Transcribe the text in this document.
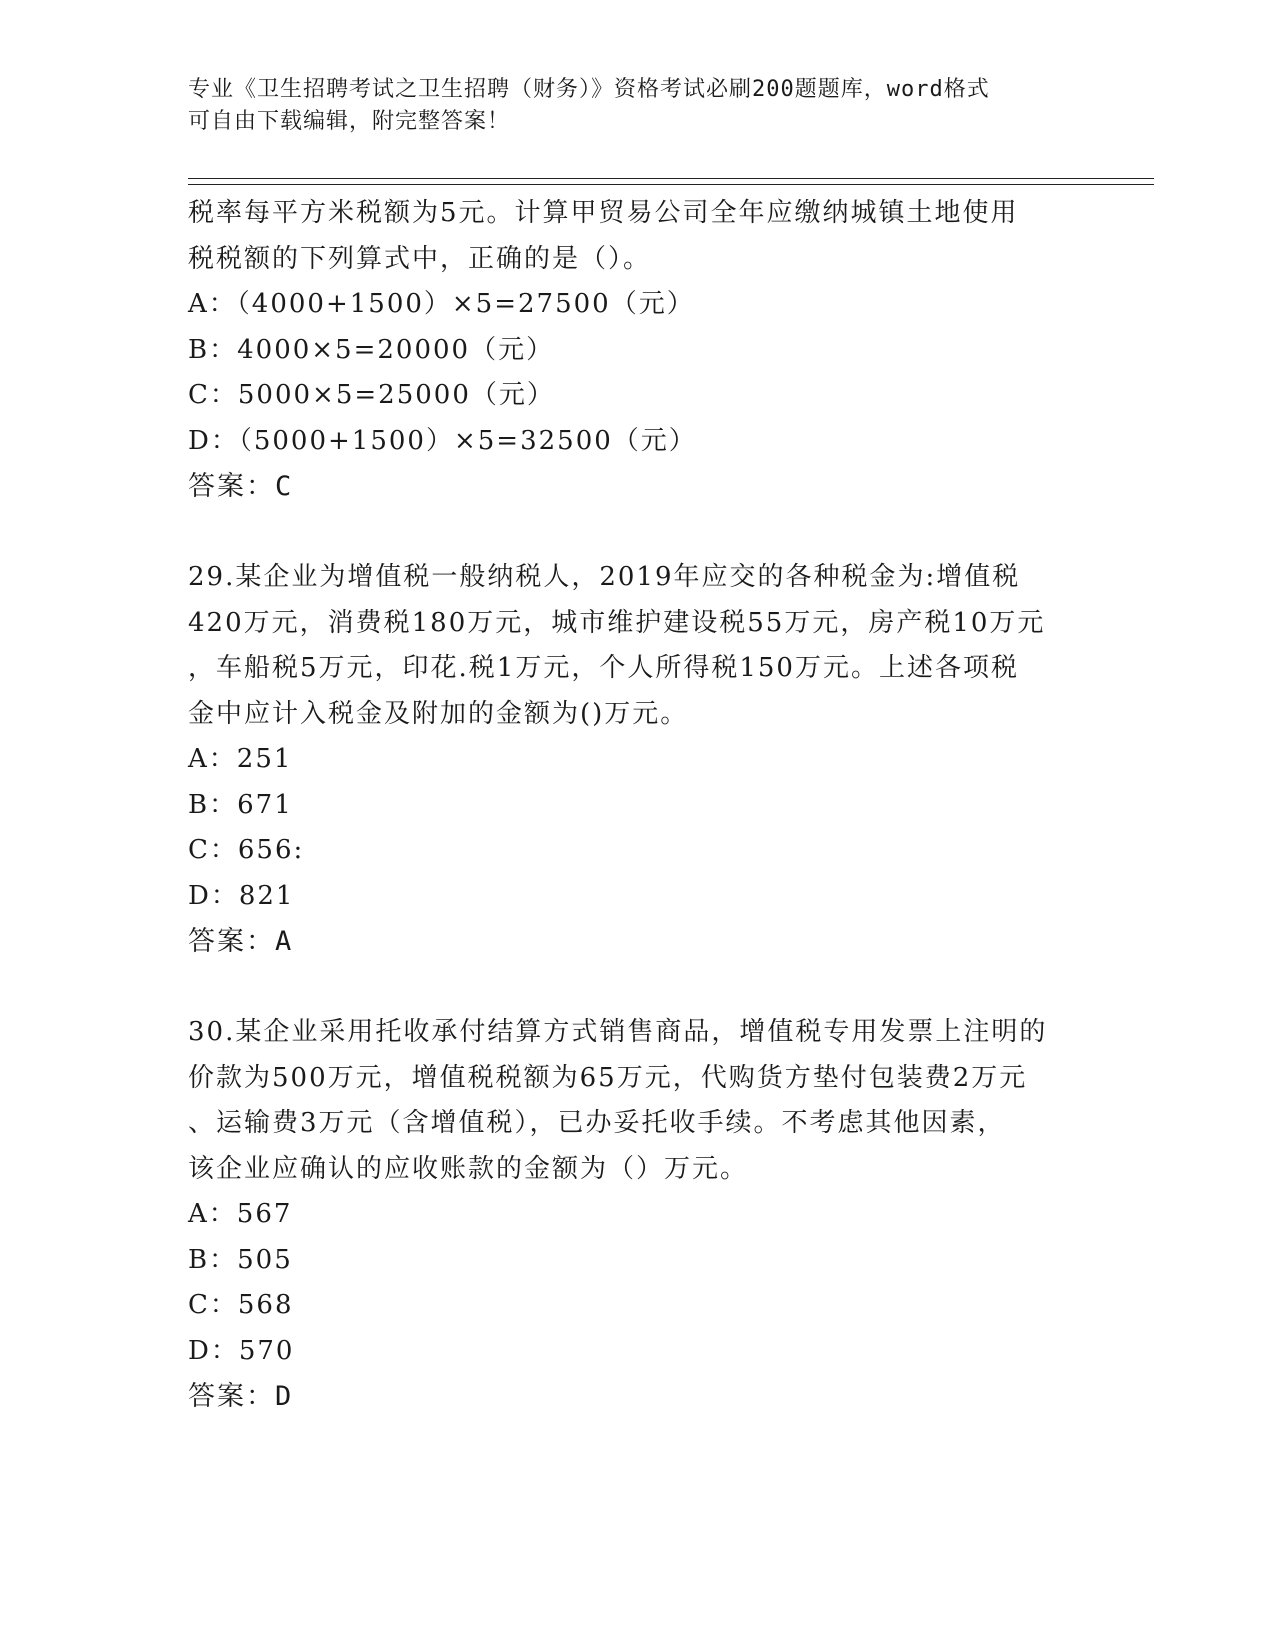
专业《卫生招聘考试之卫生招聘（财务）》资格考试必刷200题题库，word格式
可自由下载编辑，附完整答案！
税率每平方米税额为5元。计算甲贸易公司全年应缴纳城镇土地使用
税税额的下列算式中，正确的是（）。
A：（4000+1500）×5=27500（元）
B：4000×5=20000（元）
C：5000×5=25000（元）
D：（5000+1500）×5=32500（元）
答案：C
29.某企业为增值税一般纳税人，2019年应交的各种税金为:增值税
420万元，消费税180万元，城市维护建设税55万元，房产税10万元
，车船税5万元，印花.税1万元，个人所得税150万元。上述各项税
金中应计入税金及附加的金额为()万元。
A：251
B：671
C：656:
D：821
答案：A
30.某企业采用托收承付结算方式销售商品，增值税专用发票上注明的
价款为500万元，增值税税额为65万元，代购货方垫付包装费2万元
、运输费3万元（含增值税），已办妥托收手续。不考虑其他因素，
该企业应确认的应收账款的金额为（）万元。
A：567
B：505
C：568
D：570
答案：D
